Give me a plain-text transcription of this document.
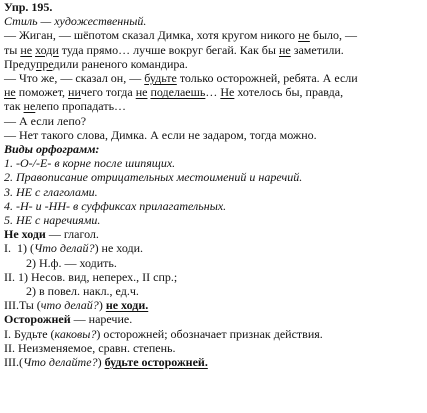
Упр. 195.
Стиль — художественный.
— Жиган, — шёпотом сказал Димка, хотя кругом никого не было, —
ты не ходи туда прямо… лучше вокруг бегай. Как бы не заметили.
Предупредили раненого командира.
— Что же, — сказал он, — будьте только осторожней, ребята. А если
не поможет, ничего тогда не поделаешь… Не хотелось бы, правда,
так нелепо пропадать…
— А если лепо?
— Нет такого слова, Димка. А если не задаром, тогда можно.
Виды орфограмм:
1. -О-/-Е- в корне после шипящих.
2. Правописание отрицательных местоимений и наречий.
3. НЕ с глаголами.
4. -Н- и -НН- в суффиксах прилагательных.
5. НЕ с наречиями.
Не ходи — глагол.
I. 1) (Что делай?) не ходи.
2) Н.ф. — ходить.
II. 1) Несов. вид, неперех., II спр.;
2) в повел. накл., ед.ч.
III.Ты (что делай?) не ходи.
Осторожней — наречие.
I. Будьте (каковы?) осторожней; обозначает признак действия.
II. Неизменяемое, сравн. степень.
III.(Что делайте?) будьте осторожней.
